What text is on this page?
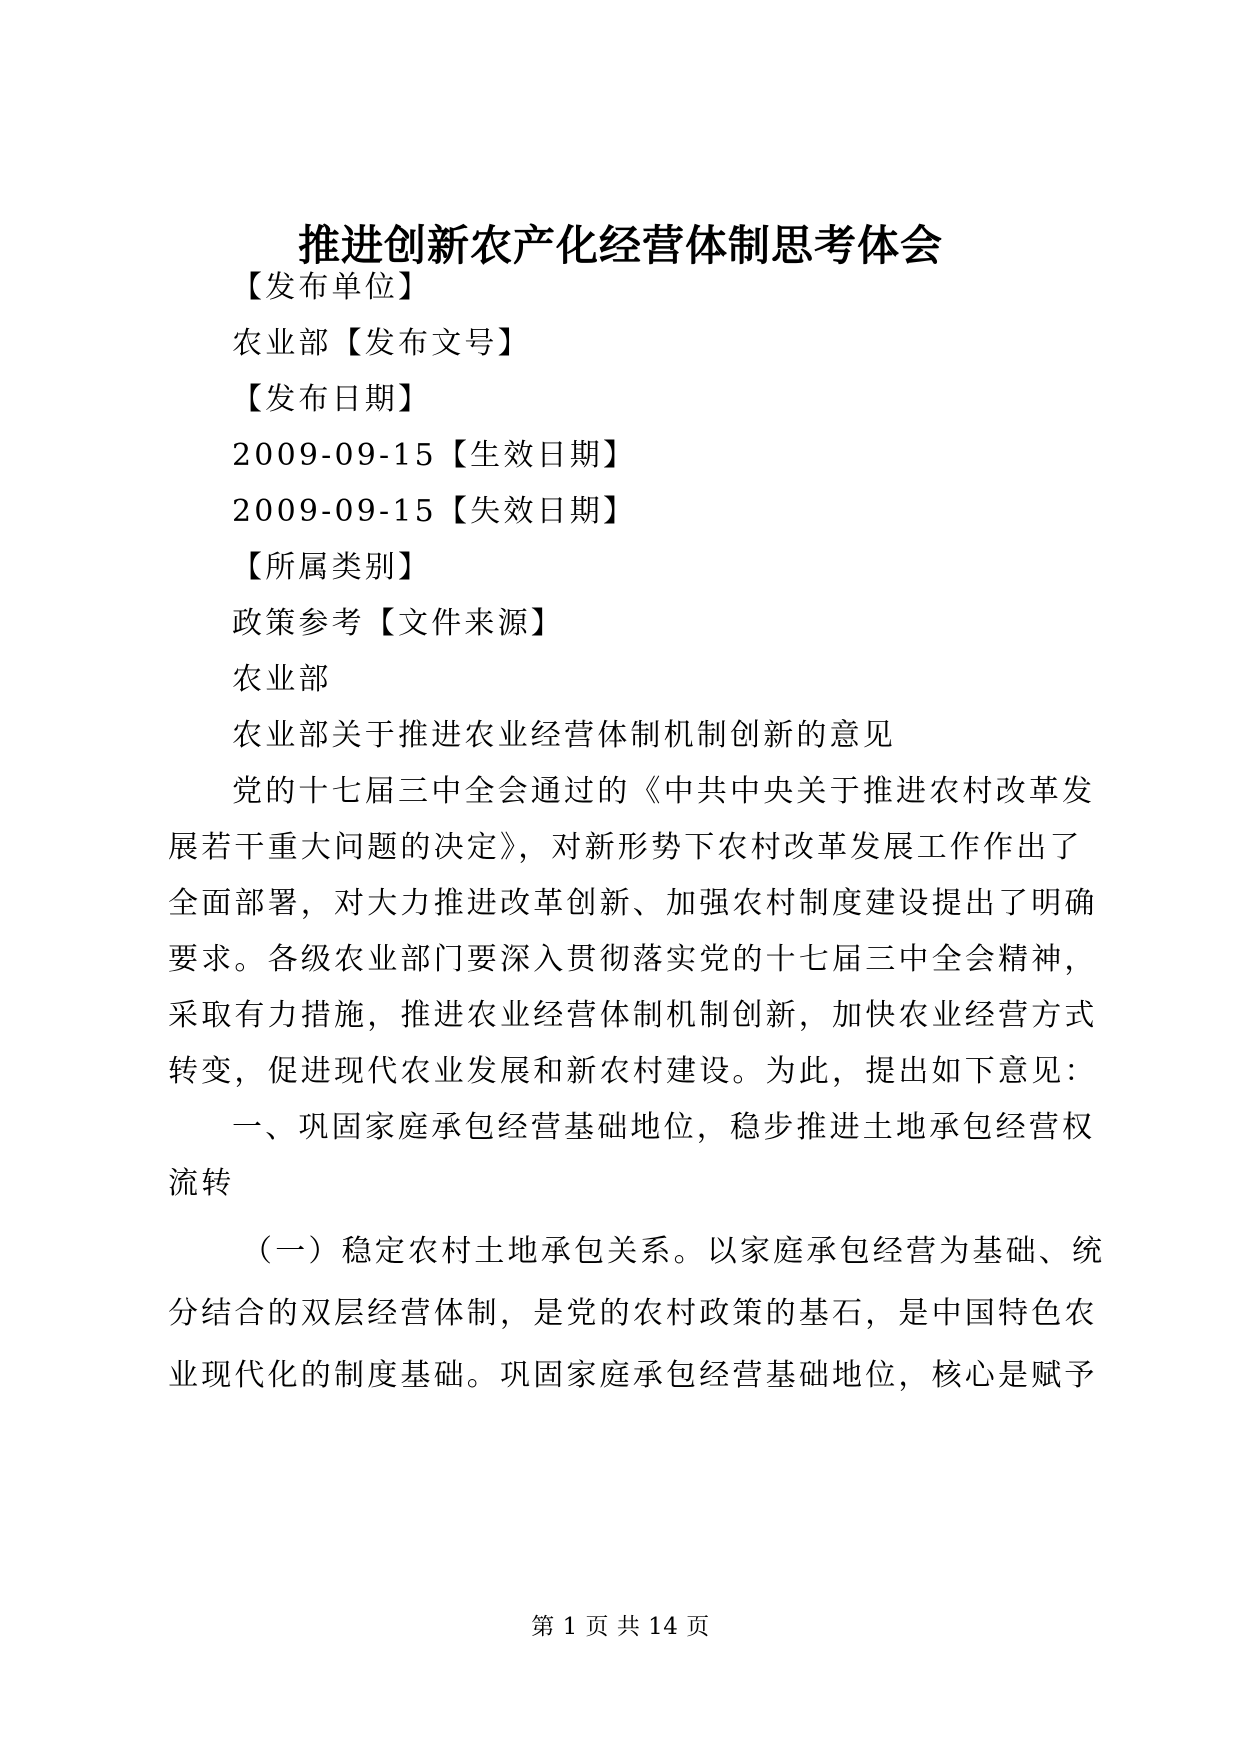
推进创新农产化经营体制思考体会
【发布单位】
农业部【发布文号】
【发布日期】
2009-09-15【生效日期】
2009-09-15【失效日期】
【所属类别】
政策参考【文件来源】
农业部
农业部关于推进农业经营体制机制创新的意见
党的十七届三中全会通过的《中共中央关于推进农村改革发
展若干重大问题的决定》，对新形势下农村改革发展工作作出了
全面部署，对大力推进改革创新、加强农村制度建设提出了明确
要求。各级农业部门要深入贯彻落实党的十七届三中全会精神，
采取有力措施，推进农业经营体制机制创新，加快农业经营方式
转变，促进现代农业发展和新农村建设。为此，提出如下意见：
一、巩固家庭承包经营基础地位，稳步推进土地承包经营权
流转
（一）稳定农村土地承包关系。以家庭承包经营为基础、统
分结合的双层经营体制，是党的农村政策的基石，是中国特色农
业现代化的制度基础。巩固家庭承包经营基础地位，核心是赋予
第 1 页 共 14 页
